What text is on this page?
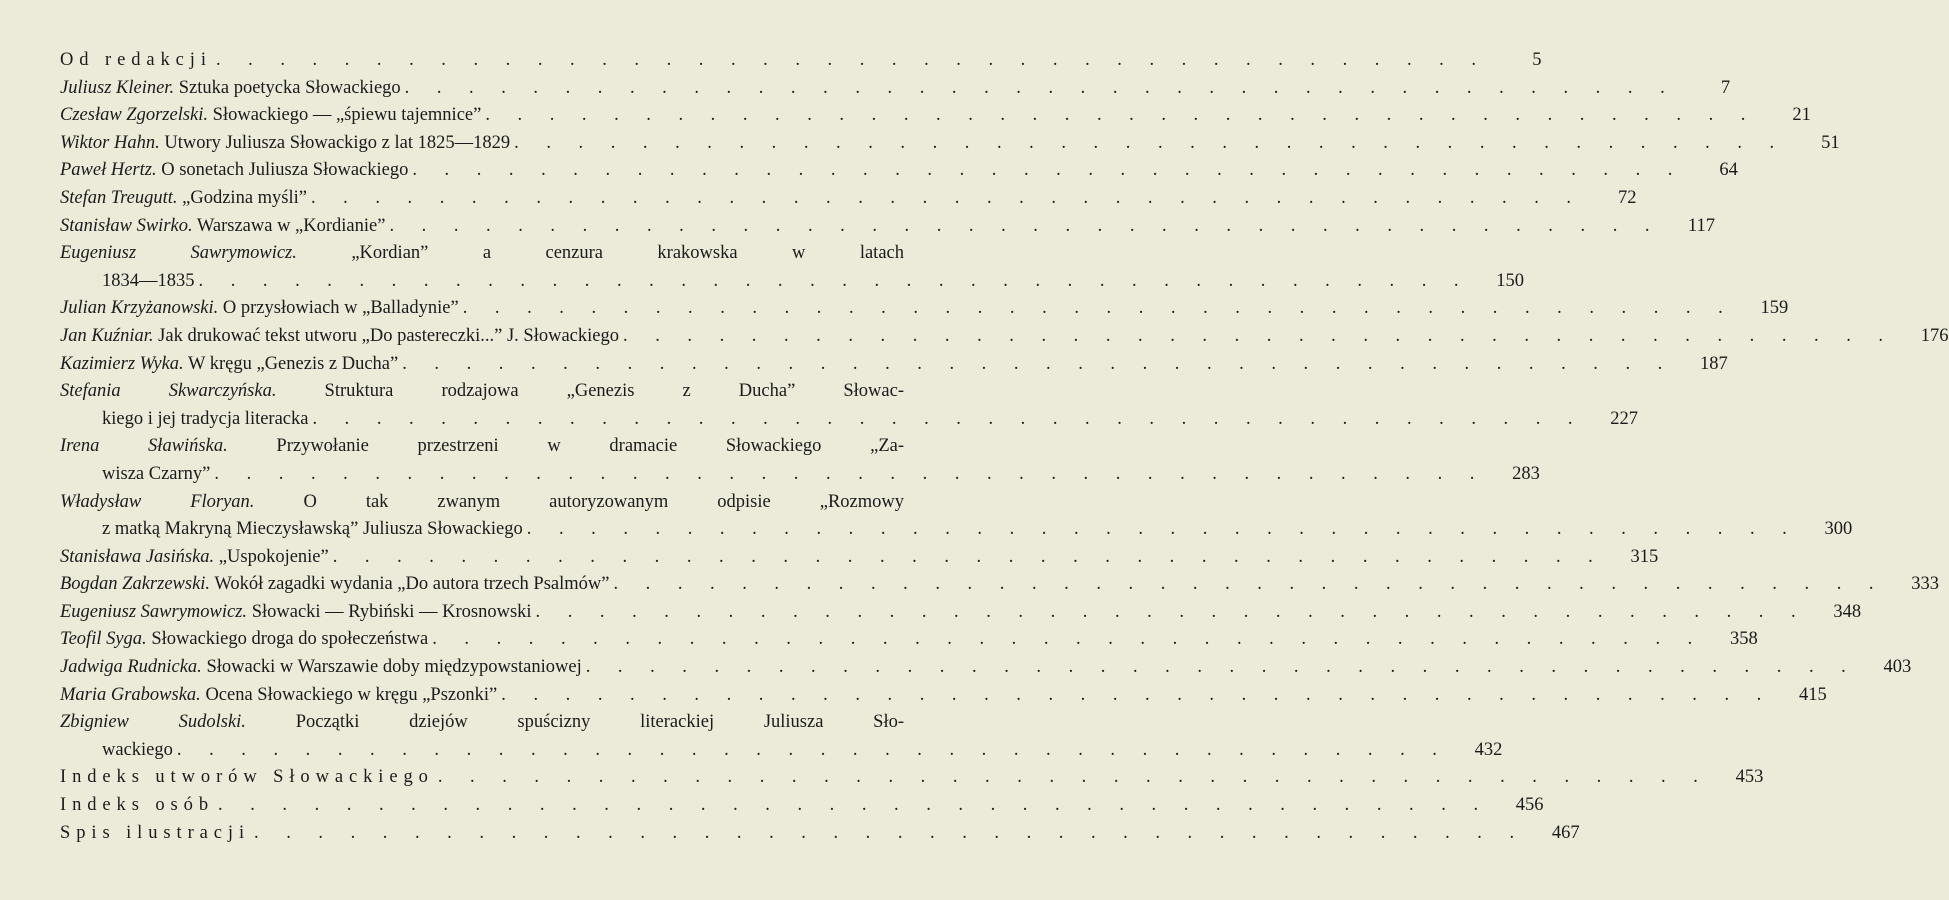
Od redakcji . . . . . . . . . . . . . . . . . . . . . . . . . . . . . . . . . . . . . . . .	5
Juliusz Kleiner. Sztuka poetycka Słowackiego . . . . . . . . . . . . . . . . . . . . . . . . . . . . . . . . . . . . . . . .	7
Czesław Zgorzelski. Słowackiego — „śpiewu tajemnice” . . . . . . . . . . . . . . . . . . . . . . . . . . . . . . . . . . . . . . . .	21
Wiktor Hahn. Utwory Juliusza Słowackigo z lat 1825—1829 . . . . . . . . . . . . . . . . . . . . . . . . . . . . . . . . . . . . . . . .	51
Paweł Hertz. O sonetach Juliusza Słowackiego . . . . . . . . . . . . . . . . . . . . . . . . . . . . . . . . . . . . . . . .	64
Stefan Treugutt. „Godzina myśli” . . . . . . . . . . . . . . . . . . . . . . . . . . . . . . . . . . . . . . . .	72
Stanisław Swirko. Warszawa w „Kordianie” . . . . . . . . . . . . . . . . . . . . . . . . . . . . . . . . . . . . . . . .	117
Eugeniusz Sawrymowicz.	„Kordian” a cenzura krakowska w latach
1834—1835 . . . . . . . . . . . . . . . . . . . . . . . . . . . . . . . . . . . . . . . .	150
Julian Krzyżanowski. O przysłowiach w „Balladynie” . . . . . . . . . . . . . . . . . . . . . . . . . . . . . . . . . . . . . . . .	159
Jan Kuźniar. Jak drukować tekst utworu „Do pastereczki...” J. Słowackiego . . . . . . . . . . . . . . . . . . . . . . . . . . . . . . . . . . . . . . . .	176
Kazimierz Wyka. W kręgu „Genezis z Ducha” . . . . . . . . . . . . . . . . . . . . . . . . . . . . . . . . . . . . . . . .	187
Stefania Skwarczyńska.	Struktura rodzajowa „Genezis z Ducha” Słowac-
kiego i jej tradycja literacka . . . . . . . . . . . . . . . . . . . . . . . . . . . . . . . . . . . . . . . .	227
Irena Sławińska.	Przywołanie przestrzeni w dramacie Słowackiego „Za-
wisza Czarny” . . . . . . . . . . . . . . . . . . . . . . . . . . . . . . . . . . . . . . . .	283
Władysław Floryan.	O tak zwanym autoryzowanym odpisie „Rozmowy
z matką Makryną Mieczysławską” Juliusza Słowackiego . . . . . . . . . . . . . . . . . . . . . . . . . . . . . . . . . . . . . . . .	300
Stanisława Jasińska. „Uspokojenie” . . . . . . . . . . . . . . . . . . . . . . . . . . . . . . . . . . . . . . . .	315
Bogdan Zakrzewski. Wokół zagadki wydania „Do autora trzech Psalmów” . . . . . . . . . . . . . . . . . . . . . . . . . . . . . . . . . . . . . . . .	333
Eugeniusz Sawrymowicz. Słowacki — Rybiński — Krosnowski . . . . . . . . . . . . . . . . . . . . . . . . . . . . . . . . . . . . . . . .	348
Teofil Syga. Słowackiego droga do społeczeństwa . . . . . . . . . . . . . . . . . . . . . . . . . . . . . . . . . . . . . . . .	358
Jadwiga Rudnicka. Słowacki w Warszawie doby międzypowstaniowej . . . . . . . . . . . . . . . . . . . . . . . . . . . . . . . . . . . . . . . .	403
Maria Grabowska. Ocena Słowackiego w kręgu „Pszonki” . . . . . . . . . . . . . . . . . . . . . . . . . . . . . . . . . . . . . . . .	415
Zbigniew Sudolski.	Początki dziejów spuścizny literackiej Juliusza Sło-
wackiego . . . . . . . . . . . . . . . . . . . . . . . . . . . . . . . . . . . . . . . .	432
Indeks utworów Słowackiego . . . . . . . . . . . . . . . . . . . . . . . . . . . . . . . . . . . . . . . .	453
Indeks osób . . . . . . . . . . . . . . . . . . . . . . . . . . . . . . . . . . . . . . . .	456
Spis ilustracji . . . . . . . . . . . . . . . . . . . . . . . . . . . . . . . . . . . . . . . .	467
